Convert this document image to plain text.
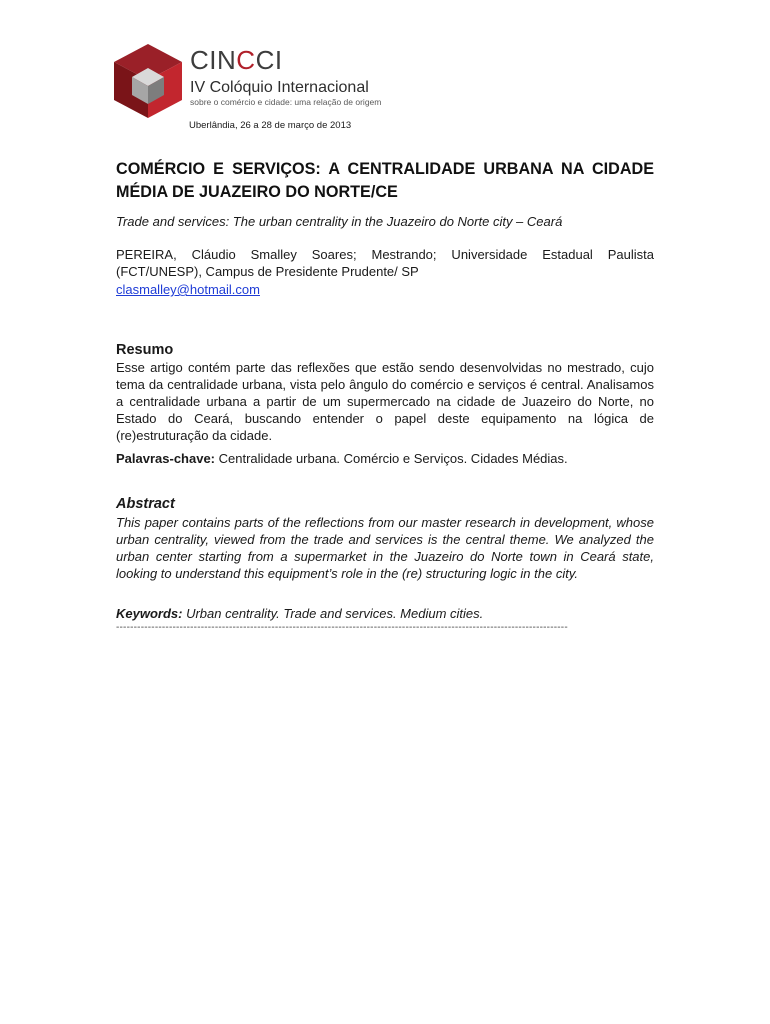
CINCCI
IV Colóquio Internacional
sobre o comércio e cidade: uma relação de origem
Uberlândia, 26 a 28 de março de 2013
COMÉRCIO E SERVIÇOS: A CENTRALIDADE URBANA NA CIDADE MÉDIA DE JUAZEIRO DO NORTE/CE

Trade and services: The urban centrality in the Juazeiro do Norte city – Ceará

PEREIRA, Cláudio Smalley Soares; Mestrando; Universidade Estadual Paulista (FCT/UNESP), Campus de Presidente Prudente/ SP

clasmalley@hotmail.com
Resumo

Esse artigo contém parte das reflexões que estão sendo desenvolvidas no mestrado, cujo tema da centralidade urbana, vista pelo ângulo do comércio e serviços é central. Analisamos a centralidade urbana a partir de um supermercado na cidade de Juazeiro do Norte, no Estado do Ceará, buscando entender o papel deste equipamento na lógica de (re)estruturação da cidade.

Palavras-chave: Centralidade urbana. Comércio e Serviços. Cidades Médias.

Abstract

This paper contains parts of the reflections from our master research in development, whose urban centrality, viewed from the trade and services is the central theme. We analyzed the urban center starting from a supermarket in the Juazeiro do Norte town in Ceará state, looking to understand this equipment’s role in the (re) structuring logic in the city.

Keywords: Urban centrality. Trade and services. Medium cities.

--------------------------------------------------------------------------------------------------------------------------------
